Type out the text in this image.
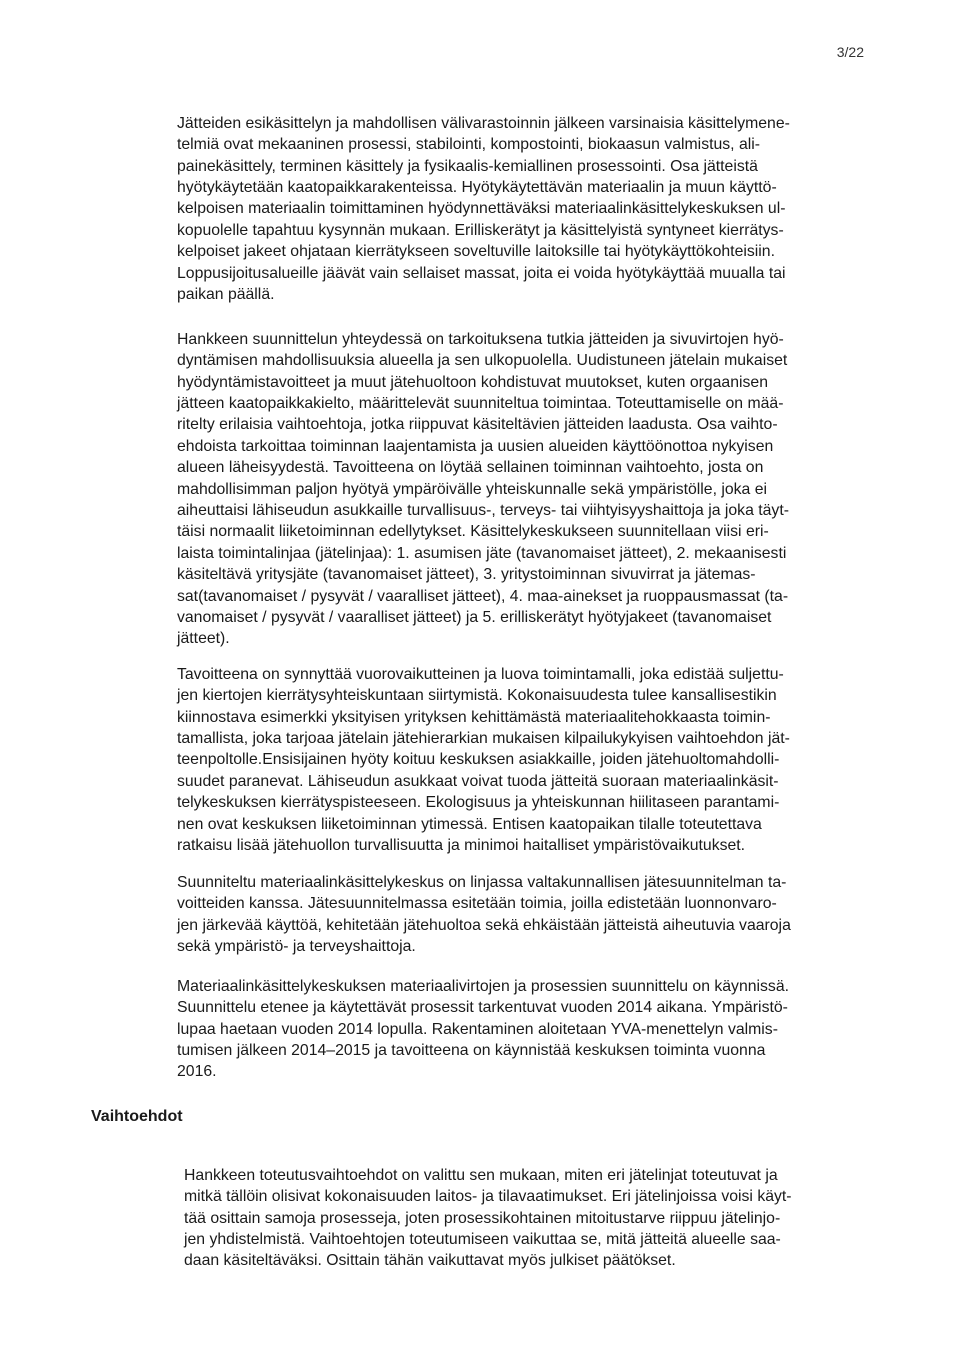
3/22

Jätteiden esikäsittelyn ja mahdollisen välivarastoinnin jälkeen varsinaisia käsittelymene-
telmiä ovat mekaaninen prosessi, stabilointi, kompostointi, biokaasun valmistus, ali-
painekäsittely, terminen käsittely ja fysikaalis-kemiallinen prosessointi. Osa jätteistä
hyötykäytetään kaatopaikkarakenteissa. Hyötykäytettävän materiaalin ja muun käyttö-
kelpoisen materiaalin toimittaminen hyödynnettäväksi materiaalinkäsittelykeskuksen ul-
kopuolelle tapahtuu kysynnän mukaan. Erilliskerätyt ja käsittelyistä syntyneet kierrätys-
kelpoiset jakeet ohjataan kierrätykseen soveltuville laitoksille tai hyötykäyttökohteisiin.
Loppusijoitusalueille jäävät vain sellaiset massat, joita ei voida hyötykäyttää muualla tai
paikan päällä.

Hankkeen suunnittelun yhteydessä on tarkoituksena tutkia jätteiden ja sivuvirtojen hyö-
dyntämisen mahdollisuuksia alueella ja sen ulkopuolella. Uudistuneen jätelain mukaiset
hyödyntämistavoitteet ja muut jätehuoltoon kohdistuvat muutokset, kuten orgaanisen
jätteen kaatopaikkakielto, määrittelevät suunniteltua toimintaa. Toteuttamiselle on mää-
ritelty erilaisia vaihtoehtoja, jotka riippuvat käsiteltävien jätteiden laadusta. Osa vaihto-
ehdoista tarkoittaa toiminnan laajentamista ja uusien alueiden käyttöönottoa nykyisen
alueen läheisyydestä. Tavoitteena on löytää sellainen toiminnan vaihtoehto, josta on
mahdollisimman paljon hyötyä ympäröivälle yhteiskunnalle sekä ympäristölle, joka ei
aiheuttaisi lähiseudun asukkaille turvallisuus-, terveys- tai viihtyisyyshaittoja ja joka täyt-
täisi normaalit liiketoiminnan edellytykset. Käsittelykeskukseen suunnitellaan viisi eri-
laista toimintalinjaa (jätelinjaa): 1. asumisen jäte (tavanomaiset jätteet), 2. mekaanisesti
käsiteltävä yritysjäte (tavanomaiset jätteet), 3. yritystoiminnan sivuvirrat ja jätemas-
sat(tavanomaiset / pysyvät / vaaralliset jätteet), 4. maa-ainekset ja ruoppausmassat (ta-
vanomaiset / pysyvät / vaaralliset jätteet) ja 5. erilliskerätyt hyötyjakeet (tavanomaiset
jätteet).

Tavoitteena on synnyttää vuorovaikutteinen ja luova toimintamalli, joka edistää suljettu-
jen kiertojen kierrätysyhteiskuntaan siirtymistä. Kokonaisuudesta tulee kansallisestikin
kiinnostava esimerkki yksityisen yrityksen kehittämästä materiaalitehokkaasta toimin-
tamallista, joka tarjoaa jätelain jätehierarkian mukaisen kilpailukykyisen vaihtoehdon jät-
teenpoltolle.Ensisijainen hyöty koituu keskuksen asiakkaille, joiden jätehuoltomahdolli-
suudet paranevat. Lähiseudun asukkaat voivat tuoda jätteitä suoraan materiaalinkäsit-
telykeskuksen kierrätyspisteeseen. Ekologisuus ja yhteiskunnan hiilitaseen parantami-
nen ovat keskuksen liiketoiminnan ytimessä. Entisen kaatopaikan tilalle toteutettava
ratkaisu lisää jätehuollon turvallisuutta ja minimoi haitalliset ympäristövaikutukset.

Suunniteltu materiaalinkäsittelykeskus on linjassa valtakunnallisen jätesuunnitelman ta-
voitteiden kanssa. Jätesuunnitelmassa esitetään toimia, joilla edistetään luonnonvaro-
jen järkevää käyttöä, kehitetään jätehuoltoa sekä ehkäistään jätteistä aiheutuvia vaaroja
sekä ympäristö- ja terveyshaittoja.

Materiaalinkäsittelykeskuksen materiaalivirtojen ja prosessien suunnittelu on käynnissä.
Suunnittelu etenee ja käytettävät prosessit tarkentuvat vuoden 2014 aikana. Ympäristö-
lupaa haetaan vuoden 2014 lopulla. Rakentaminen aloitetaan YVA-menettelyn valmis-
tumisen jälkeen 2014–2015 ja tavoitteena on käynnistää keskuksen toiminta vuonna
2016.

Vaihtoehdot

Hankkeen toteutusvaihtoehdot on valittu sen mukaan, miten eri jätelinjat toteutuvat ja
mitkä tällöin olisivat kokonaisuuden laitos- ja tilavaatimukset. Eri jätelinjoissa voisi käyt-
tää osittain samoja prosesseja, joten prosessikohtainen mitoitustarve riippuu jätelinjo-
jen yhdistelmistä. Vaihtoehtojen toteutumiseen vaikuttaa se, mitä jätteitä alueelle saa-
daan käsiteltäväksi. Osittain tähän vaikuttavat myös julkiset päätökset.
